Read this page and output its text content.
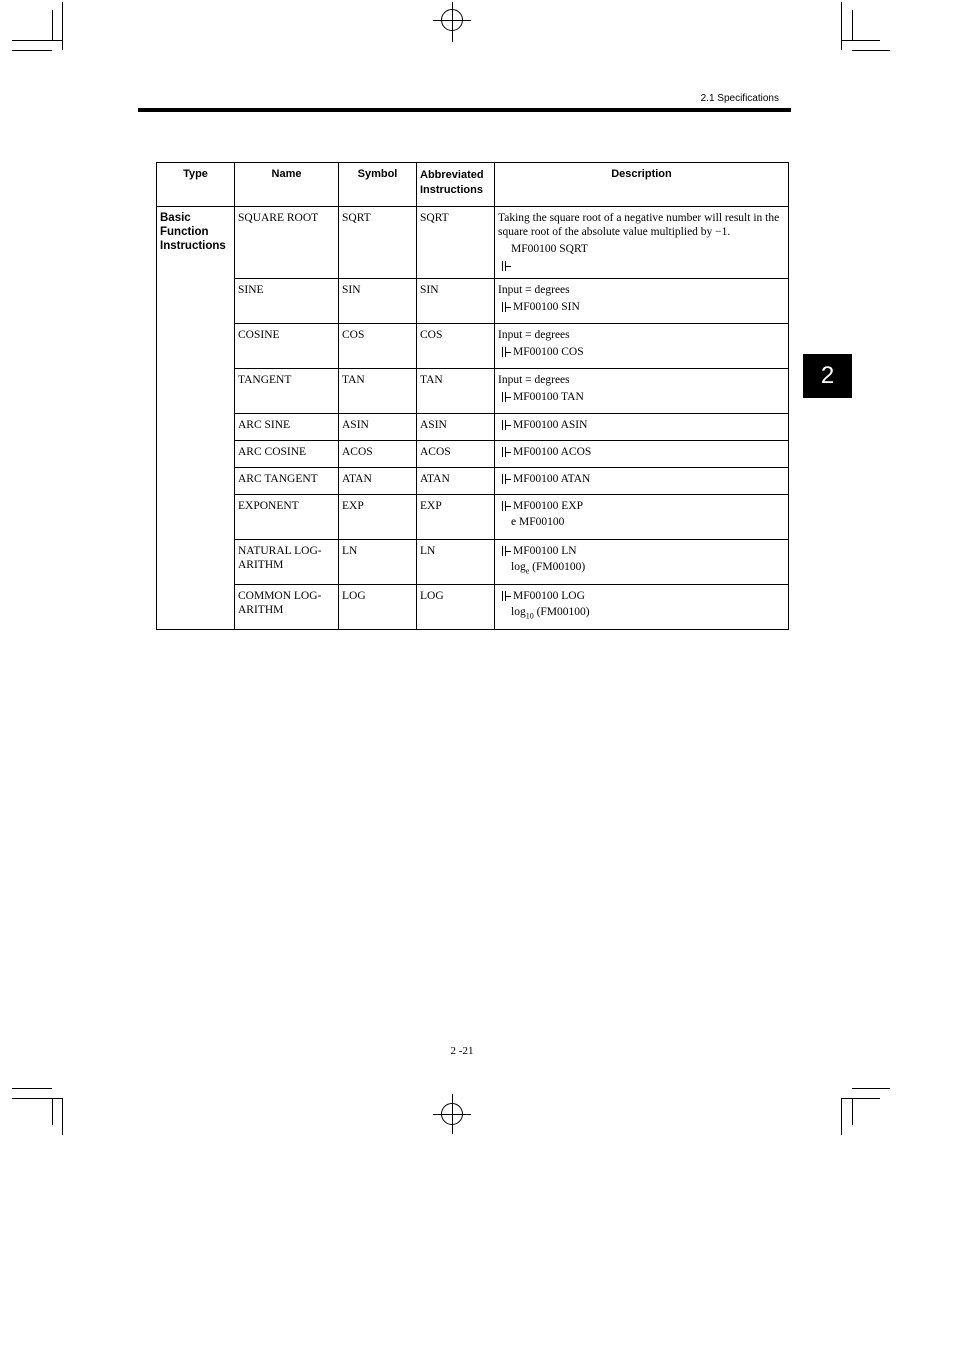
2.1 Specifications
2
Type	Name	Symbol	Abbreviated Instructions	Description
Basic Function Instructions	SQUARE ROOT	SQRT	SQRT	Taking the square root of a negative number will result in the square root of the absolute value multiplied by −1.
MF00100 SQRT

	SINE	SIN	SIN	Input = degrees
MF00100 SIN

	COSINE	COS	COS	Input = degrees
MF00100 COS

	TANGENT	TAN	TAN	Input = degrees
MF00100 TAN

	ARC SINE	ASIN	ASIN	MF00100 ASIN

	ARC COSINE	ACOS	ACOS	MF00100 ACOS

	ARC TANGENT	ATAN	ATAN	MF00100 ATAN

	EXPONENT	EXP	EXP	MF00100 EXP
e MF00100

	NATURAL LOG-ARITHM	LN	LN	MF00100 LN
$\log_e (FM00100)$

	COMMON LOG-ARITHM	LOG	LOG	MF00100 LOG
$\log_{10} (FM00100)$
2 -21
